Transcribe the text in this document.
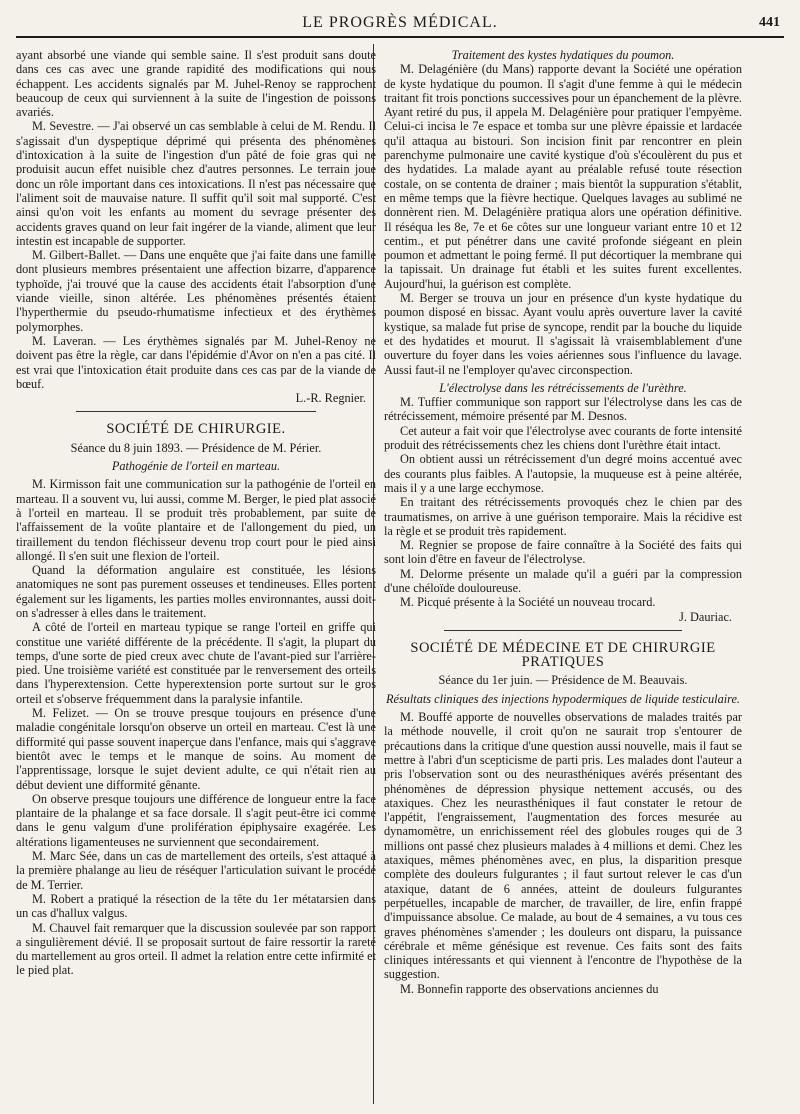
LE PROGRÈS MÉDICAL.	441

ayant absorbé une viande qui semble saine. Il s'est produit sans doute dans ces cas avec une grande rapidité des modifications qui nous échappent. Les accidents signalés par M. Juhel-Renoy se rapprochent beaucoup de ceux qui surviennent à la suite de l'ingestion de poissons avariés.

M. Sevestre. — J'ai observé un cas semblable à celui de M. Rendu. Il s'agissait d'un dyspeptique déprimé qui présenta des phénomènes d'intoxication à la suite de l'ingestion d'un pâté de foie gras qui ne produisit aucun effet nuisible chez d'autres personnes. Le terrain joue donc un rôle important dans ces intoxications. Il n'est pas nécessaire que l'aliment soit de mauvaise nature. Il suffit qu'il soit mal supporté. C'est ainsi qu'on voit les enfants au moment du sevrage présenter des accidents graves quand on leur fait ingérer de la viande, aliment que leur intestin est incapable de supporter.

M. Gilbert-Ballet. — Dans une enquête que j'ai faite dans une famille dont plusieurs membres présentaient une affection bizarre, d'apparence typhoïde, j'ai trouvé que la cause des accidents était l'absorption d'une viande vieille, sinon altérée. Les phénomènes présentés étaient l'hyperthermie du pseudo-rhumatisme infectieux et des érythèmes polymorphes.

M. Laveran. — Les érythèmes signalés par M. Juhel-Renoy ne doivent pas être la règle, car dans l'épidémie d'Avor on n'en a pas cité. Il est vrai que l'intoxication était produite dans ces cas par de la viande de bœuf.

L.-R. Regnier.

SOCIÉTÉ DE CHIRURGIE.

Séance du 8 juin 1893. — Présidence de M. Périer.

Pathogénie de l'orteil en marteau.

M. Kirmisson fait une communication sur la pathogénie de l'orteil en marteau. Il a souvent vu, lui aussi, comme M. Berger, le pied plat associé à l'orteil en marteau. Il se produit très probablement, par suite de l'affaissement de la voûte plantaire et de l'allongement du pied, un tiraillement du tendon fléchisseur devenu trop court pour le pied ainsi allongé. Il s'en suit une flexion de l'orteil.

Quand la déformation angulaire est constituée, les lésions anatomiques ne sont pas purement osseuses et tendineuses. Elles portent également sur les ligaments, les parties molles environnantes, aussi doit-on s'adresser à elles dans le traitement.

A côté de l'orteil en marteau typique se range l'orteil en griffe qui constitue une variété différente de la précédente. Il s'agit, la plupart du temps, d'une sorte de pied creux avec chute de l'avant-pied sur l'arrière-pied. Une troisième variété est constituée par le renversement des orteils dans l'hyperextension. Cette hyperextension porte surtout sur le gros orteil et s'observe fréquemment dans la paralysie infantile.

M. Felizet. — On se trouve presque toujours en présence d'une maladie congénitale lorsqu'on observe un orteil en marteau. C'est là une difformité qui passe souvent inaperçue dans l'enfance, mais qui s'aggrave bientôt avec le temps et le manque de soins. Au moment de l'apprentissage, lorsque le sujet devient adulte, ce qui n'était rien au début devient une difformité gênante.

On observe presque toujours une différence de longueur entre la face plantaire de la phalange et sa face dorsale. Il s'agit peut-être ici comme dans le genu valgum d'une prolifération épiphysaire exagérée. Les altérations ligamenteuses ne surviennent que secondairement.

M. Marc Sée, dans un cas de martellement des orteils, s'est attaqué à la première phalange au lieu de réséquer l'articulation suivant le procédé de M. Terrier.

M. Robert a pratiqué la résection de la tête du 1er métatarsien dans un cas d'hallux valgus.

M. Chauvel fait remarquer que la discussion soulevée par son rapport a singulièrement dévié. Il se proposait surtout de faire ressortir la rareté du martellement au gros orteil. Il admet la relation entre cette infirmité et le pied plat.

Traitement des kystes hydatiques du poumon.

M. Delagénière (du Mans) rapporte devant la Société une opération de kyste hydatique du poumon. Il s'agit d'une femme à qui le médecin traitant fit trois ponctions successives pour un épanchement de la plèvre. Ayant retiré du pus, il appela M. Delagénière pour pratiquer l'empyème. Celui-ci incisa le 7e espace et tomba sur une plèvre épaissie et lardacée qu'il attaqua au bistouri. Son incision finit par rencontrer en plein parenchyme pulmonaire une cavité kystique d'où s'écoulèrent du pus et des hydatides. La malade ayant au préalable refusé toute résection costale, on se contenta de drainer ; mais bientôt la suppuration s'établit, en même temps que la fièvre hectique. Quelques lavages au sublimé ne donnèrent rien. M. Delagénière pratiqua alors une opération définitive. Il réséqua les 8e, 7e et 6e côtes sur une longueur variant entre 10 et 12 centim., et put pénétrer dans une cavité profonde siégeant en plein poumon et admettant le poing fermé. Il put décortiquer la membrane qui la tapissait. Un drainage fut établi et les suites furent excellentes. Aujourd'hui, la guérison est complète.

M. Berger se trouva un jour en présence d'un kyste hydatique du poumon disposé en bissac. Ayant voulu après ouverture laver la cavité kystique, sa malade fut prise de syncope, rendit par la bouche du liquide et des hydatides et mourut. Il s'agissait là vraisemblablement d'une ouverture du foyer dans les voies aériennes sous l'influence du lavage. Aussi faut-il ne l'employer qu'avec circonspection.

L'électrolyse dans les rétrécissements de l'urèthre.

M. Tuffier communique son rapport sur l'électrolyse dans les cas de rétrécissement, mémoire présenté par M. Desnos.

Cet auteur a fait voir que l'électrolyse avec courants de forte intensité produit des rétrécissements chez les chiens dont l'urèthre était intact.

On obtient aussi un rétrécissement d'un degré moins accentué avec des courants plus faibles. A l'autopsie, la muqueuse est à peine altérée, mais il y a une large ecchymose.

En traitant des rétrécissements provoqués chez le chien par des traumatismes, on arrive à une guérison temporaire. Mais la récidive est la règle et se produit très rapidement.

M. Regnier se propose de faire connaître à la Société des faits qui sont loin d'être en faveur de l'électrolyse.

M. Delorme présente un malade qu'il a guéri par la compression d'une chéloïde douloureuse.

M. Picqué présente à la Société un nouveau trocard.

J. Dauriac.

SOCIÉTÉ DE MÉDECINE ET DE CHIRURGIE PRATIQUES

Séance du 1er juin. — Présidence de M. Beauvais.

Résultats cliniques des injections hypodermiques de liquide testiculaire.

M. Bouffé apporte de nouvelles observations de malades traités par la méthode nouvelle, il croit qu'on ne saurait trop s'entourer de précautions dans la critique d'une question aussi nouvelle, mais il faut se mettre à l'abri d'un scepticisme de parti pris. Les malades dont l'auteur a pris l'observation sont ou des neurasthéniques avérés présentant des phénomènes de dépression physique nettement accusés, ou des ataxiques. Chez les neurasthéniques il faut constater le retour de l'appétit, l'engraissement, l'augmentation des forces mesurée au dynamomètre, un enrichissement réel des globules rouges qui de 3 millions ont passé chez plusieurs malades à 4 millions et demi. Chez les ataxiques, mêmes phénomènes avec, en plus, la disparition presque complète des douleurs fulgurantes ; il faut surtout relever le cas d'un ataxique, datant de 6 années, atteint de douleurs fulgurantes perpétuelles, incapable de marcher, de travailler, de lire, enfin frappé d'impuissance absolue. Ce malade, au bout de 4 semaines, a vu tous ces graves phénomènes s'amender ; les douleurs ont disparu, la puissance cérébrale et même génésique est revenue. Ces faits sont des faits cliniques intéressants et qui viennent à l'encontre de l'hypothèse de la suggestion.

M. Bonnefin rapporte des observations anciennes du
